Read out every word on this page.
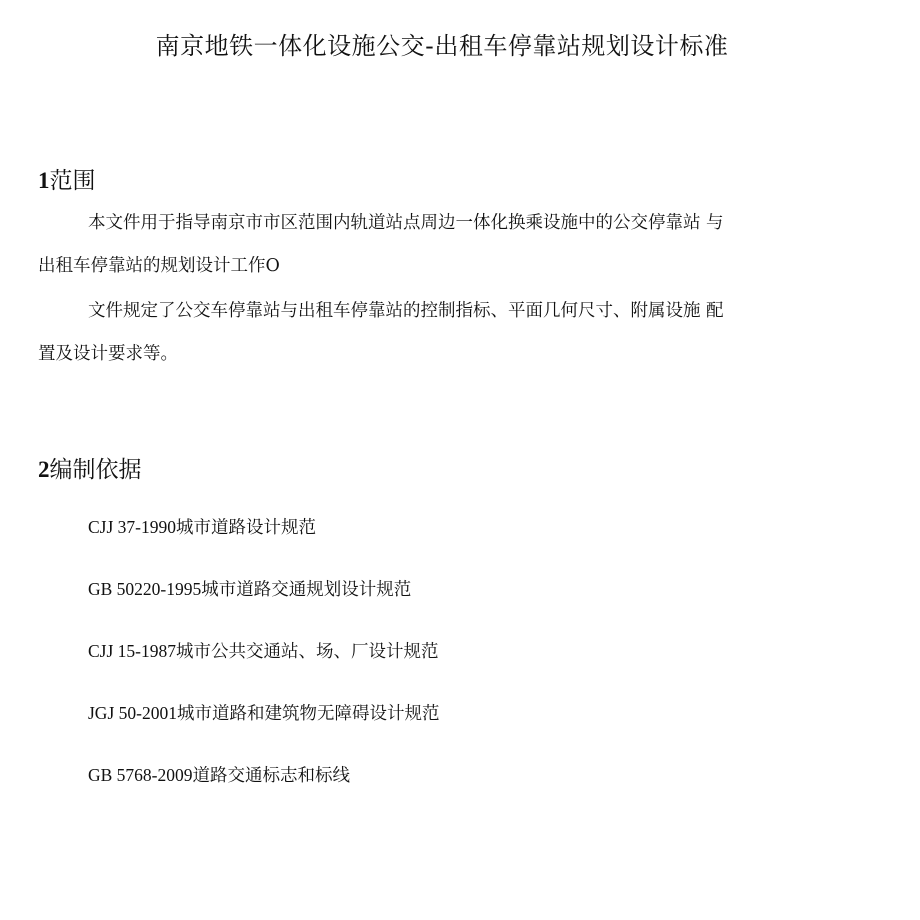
南京地铁一体化设施公交-出租车停靠站规划设计标准
1范围
本文件用于指导南京市市区范围内轨道站点周边一体化换乘设施中的公交停靠站 与
出租车停靠站的规划设计工作O
文件规定了公交车停靠站与出租车停靠站的控制指标、平面几何尺寸、附属设施 配
置及设计要求等。
2编制依据
CJJ 37-1990城市道路设计规范
GB 50220-1995城市道路交通规划设计规范
CJJ 15-1987城市公共交通站、场、厂设计规范
JGJ 50-2001城市道路和建筑物无障碍设计规范
GB 5768-2009道路交通标志和标线
